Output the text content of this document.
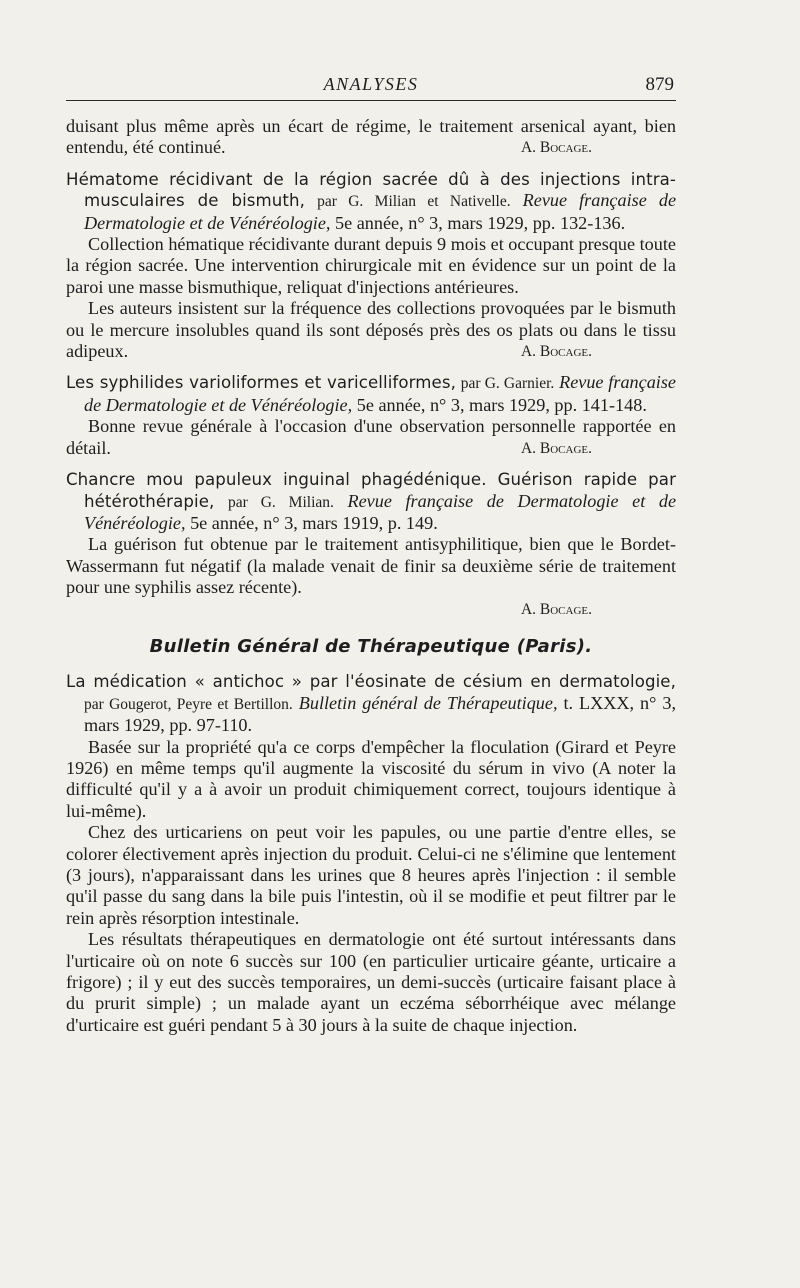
ANALYSES	879

duisant plus même après un écart de régime, le traitement arsenical ayant, bien entendu, été continué.	A. Bocage.

Hématome récidivant de la région sacrée dû à des injections intra-musculaires de bismuth, par G. Milian et Nativelle. Revue française de Dermatologie et de Vénéréologie, 5e année, n° 3, mars 1929, pp. 132-136.

Collection hématique récidivante durant depuis 9 mois et occupant presque toute la région sacrée. Une intervention chirurgicale mit en évidence sur un point de la paroi une masse bismuthique, reliquat d'injections antérieures.

Les auteurs insistent sur la fréquence des collections provoquées par le bismuth ou le mercure insolubles quand ils sont déposés près des os plats ou dans le tissu adipeux.	A. Bocage.

Les syphilides varioliformes et varicelliformes, par G. Garnier. Revue française de Dermatologie et de Vénéréologie, 5e année, n° 3, mars 1929, pp. 141-148.

Bonne revue générale à l'occasion d'une observation personnelle rapportée en détail.	A. Bocage.

Chancre mou papuleux inguinal phagédénique. Guérison rapide par hétérothérapie, par G. Milian. Revue française de Dermatologie et de Vénéréologie, 5e année, n° 3, mars 1919, p. 149.

La guérison fut obtenue par le traitement antisyphilitique, bien que le Bordet-Wassermann fut négatif (la malade venait de finir sa deuxième série de traitement pour une syphilis assez récente).

A. Bocage.

Bulletin Général de Thérapeutique (Paris).

La médication « antichoc » par l'éosinate de césium en dermatologie, par Gougerot, Peyre et Bertillon. Bulletin général de Thérapeutique, t. LXXX, n° 3, mars 1929, pp. 97-110.

Basée sur la propriété qu'a ce corps d'empêcher la floculation (Girard et Peyre 1926) en même temps qu'il augmente la viscosité du sérum in vivo (A noter la difficulté qu'il y a à avoir un produit chimiquement correct, toujours identique à lui-même).

Chez des urticariens on peut voir les papules, ou une partie d'entre elles, se colorer électivement après injection du produit. Celui-ci ne s'élimine que lentement (3 jours), n'apparaissant dans les urines que 8 heures après l'injection : il semble qu'il passe du sang dans la bile puis l'intestin, où il se modifie et peut filtrer par le rein après résorption intestinale.

Les résultats thérapeutiques en dermatologie ont été surtout intéressants dans l'urticaire où on note 6 succès sur 100 (en particulier urticaire géante, urticaire a frigore) ; il y eut des succès temporaires, un demi-succès (urticaire faisant place à du prurit simple) ; un malade ayant un eczéma séborrhéique avec mélange d'urticaire est guéri pendant 5 à 30 jours à la suite de chaque injection.
